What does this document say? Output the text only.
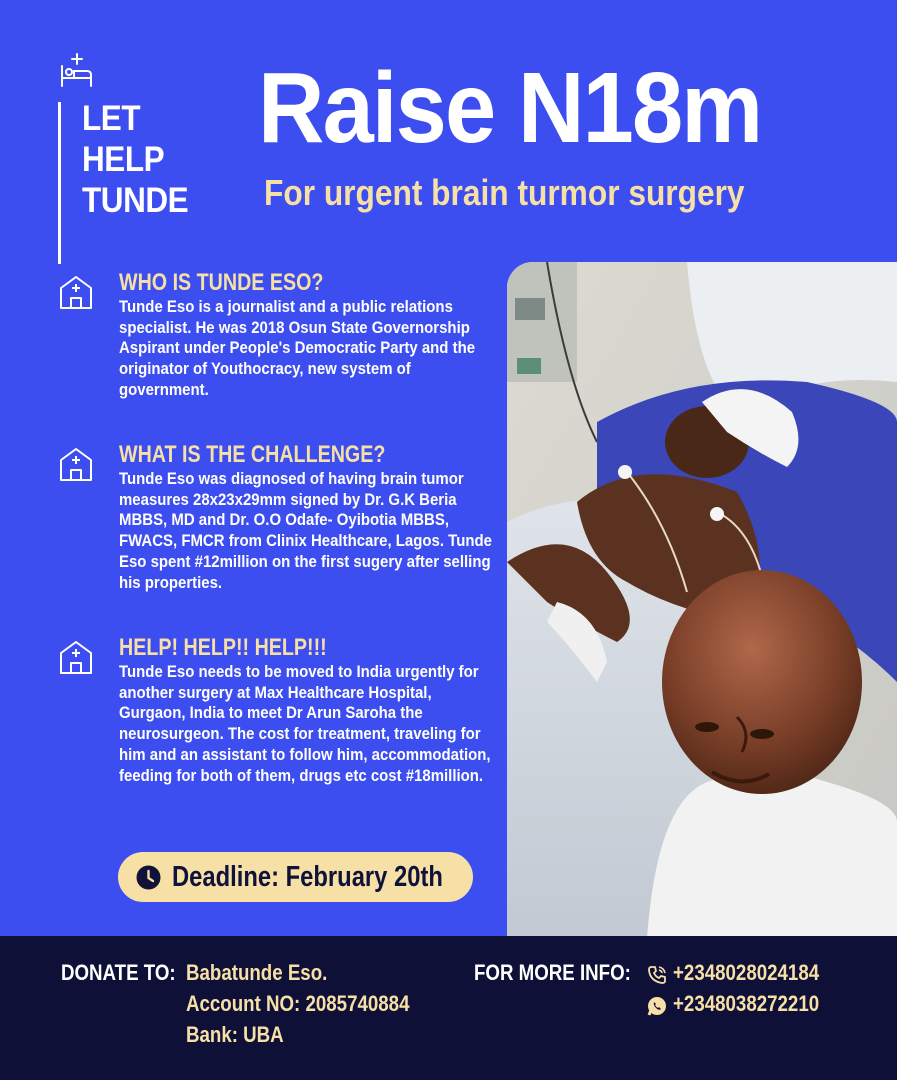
LET
HELP
TUNDE
Raise N18m
For urgent brain turmor surgery
WHO IS TUNDE ESO?
Tunde Eso is a journalist and a public relations specialist. He was 2018 Osun State Governorship Aspirant under People's Democratic Party and the originator of Youthocracy, new system of government.
WHAT IS THE CHALLENGE?
Tunde Eso was diagnosed of having brain tumor measures 28x23x29mm signed by Dr. G.K Beria MBBS, MD and Dr. O.O Odafe- Oyibotia MBBS, FWACS, FMCR from Clinix Healthcare, Lagos. Tunde Eso spent #12million on the first sugery after selling his properties.
HELP! HELP!! HELP!!!
Tunde Eso needs to be moved to India urgently for another surgery at Max Healthcare Hospital, Gurgaon, India to meet Dr Arun Saroha the neurosurgeon. The cost for treatment, traveling for him and an assistant to follow him, accommodation, feeding for both of them, drugs etc cost #18million.
Deadline: February 20th
DONATE TO: Babatunde Eso.
Account NO: 2085740884
Bank: UBA
FOR MORE INFO: +2348028024184
+2348038272210
